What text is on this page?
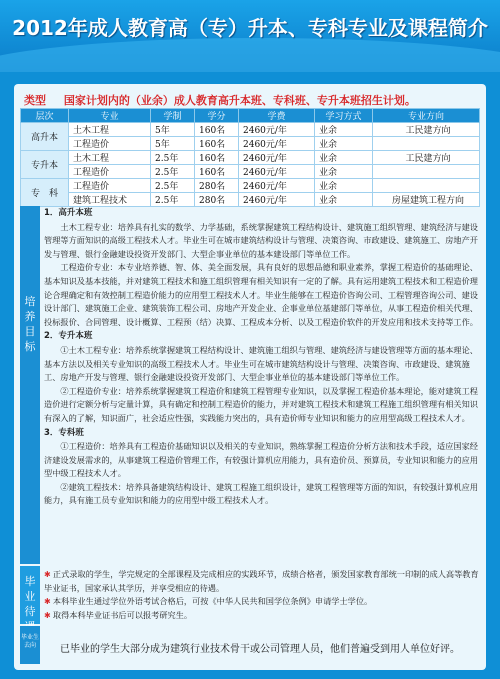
2012年成人教育高（专）升本、专科专业及课程简介
类型 国家计划内的（业余）成人教育高升本班、专科班、专升本班招生计划。
层次	专业	学制	学分	学费	学习方式	专业方向
高升本	土木工程	5年	160名	2460元/年	业余	工民建方向
	工程造价	5年	160名	2460元/年	业余	
专升本	土木工程	2.5年	160名	2460元/年	业余	工民建方向
	工程造价	2.5年	160名	2460元/年	业余	
专　科	工程造价	2.5年	280名	2460元/年	业余	
	建筑工程技术	2.5年	280名	2460元/年	业余	房屋建筑工程方向
培养目标
毕业待
毕业生去向
1．高升本班

土木工程专业：培养具有扎实的数学、力学基础，系统掌握建筑工程结构设计、建筑施工组织管理、建筑经济与建设管理等方面知识的高级工程技术人才。毕业生可在城市建筑结构设计与管理、决策咨询、市政建设、建筑施工、房地产开发与管理、银行金融建设投资开发部门、大型企事业单位的基本建设部门等单位工作。

工程造价专业：本专业培养德、智、体、美全面发展，具有良好的思想品德和职业素养，掌握工程造价的基础理论、基本知识及基本技能，并对建筑工程技术和施工组织管理有相关知识有一定的了解。具有运用建筑工程技术和工程造价理论合理确定和有效控制工程造价能力的应用型工程技术人才。毕业生能够在工程造价咨询公司、工程管理咨询公司、建设设计部门、建筑施工企业、建筑装饰工程公司、房地产开发企业、企事业单位基建部门等单位，从事工程造价相关代理、投标报价、合同管理、设计概算、工程预（结）决算、工程成本分析、以及工程造价软件的开发应用和技术支持等工作。

2．专升本班

①土木工程专业：培养系统掌握建筑工程结构设计、建筑施工组织与管理、建筑经济与建设管理等方面的基本理论、基本方法以及相关专业知识的高级工程技术人才。毕业生可在城市建筑结构设计与管理、决策咨询、市政建设、建筑施工、房地产开发与管理、银行金融建设投资开发部门、大型企事业单位的基本建设部门等单位工作。

②工程造价专业：培养系统掌握建筑工程造价和建筑工程管理专业知识，以及掌握工程造价基本理论，能对建筑工程造价进行定额分析与定量计算，具有确定和控制工程造价的能力，并对建筑工程技术和建筑工程施工组织管理有相关知识有深入的了解，知识面广，社会适应性强，实践能力突出的，具有造价师专业知识和能力的应用型高级工程技术人才。

3．专科班

①工程造价：培养具有工程造价基础知识以及相关的专业知识，熟练掌握工程造价分析方法和技术手段，适应国家经济建设发展需求的，从事建筑工程造价管理工作，有较强计算机应用能力，具有造价员、预算员，专业知识和能力的应用型中级工程技术人才。

②建筑工程技术：培养具备建筑结构设计、建筑工程施工组织设计，建筑工程管理等方面的知识，有较强计算机应用能力，具有施工员专业知识和能力的应用型中级工程技术人才。

✱ 正式录取的学生，学完规定的全部课程及完成相应的实践环节，成绩合格者，颁发国家教育部统一印制的成人高等教育毕业证书，国家承认其学历，并享受相应的待遇。

✱ 本科毕业生通过学位外语考试合格后，可按《中华人民共和国学位条例》申请学士学位。

✱ 取得本科毕业证书后可以报考研究生。

已毕业的学生大部分成为建筑行业技术骨干或公司管理人员，他们普遍受到用人单位好评。
